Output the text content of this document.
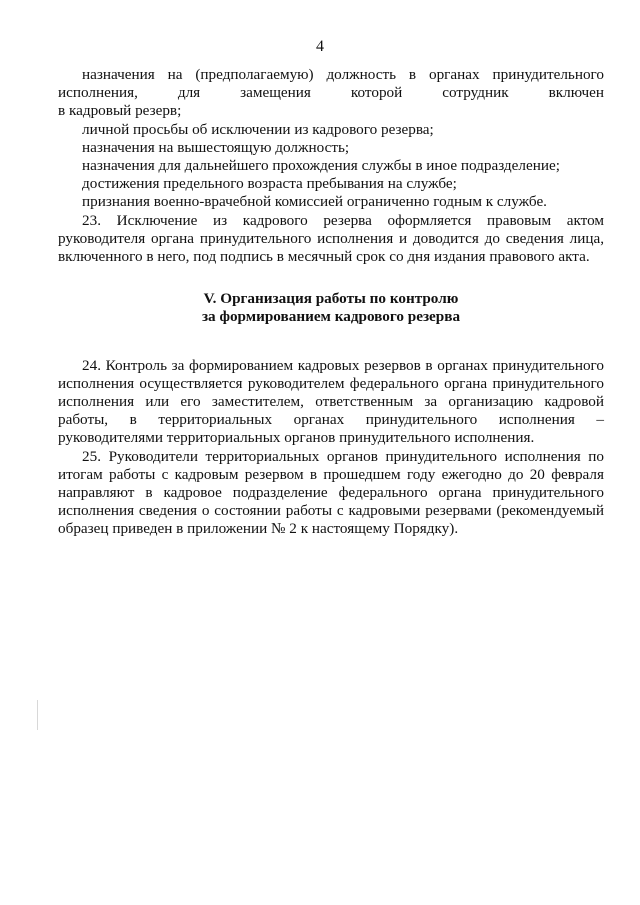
4

назначения на (предполагаемую) должность в органах принудительного

исполнения, для замещения которой сотрудник включен

в кадровый резерв;

личной просьбы об исключении из кадрового резерва;

назначения на вышестоящую должность;

назначения для дальнейшего прохождения службы в иное подразделение;

достижения предельного возраста пребывания на службе;

признания военно-врачебной комиссией ограниченно годным к службе.

23. Исключение из кадрового резерва оформляется правовым актом руководителя органа принудительного исполнения и доводится до сведения лица, включенного в него, под подпись в месячный срок со дня издания правового акта.

V. Организация работы по контролю
за формированием кадрового резерва

24. Контроль за формированием кадровых резервов в органах принудительного исполнения осуществляется руководителем федерального органа принудительного исполнения или его заместителем, ответственным за организацию кадровой работы, в территориальных органах принудительного исполнения – руководителями территориальных органов принудительного исполнения.

25. Руководители территориальных органов принудительного исполнения по итогам работы с кадровым резервом в прошедшем году ежегодно до 20 февраля направляют в кадровое подразделение федерального органа принудительного исполнения сведения о состоянии работы с кадровыми резервами (рекомендуемый образец приведен в приложении № 2 к настоящему Порядку).
